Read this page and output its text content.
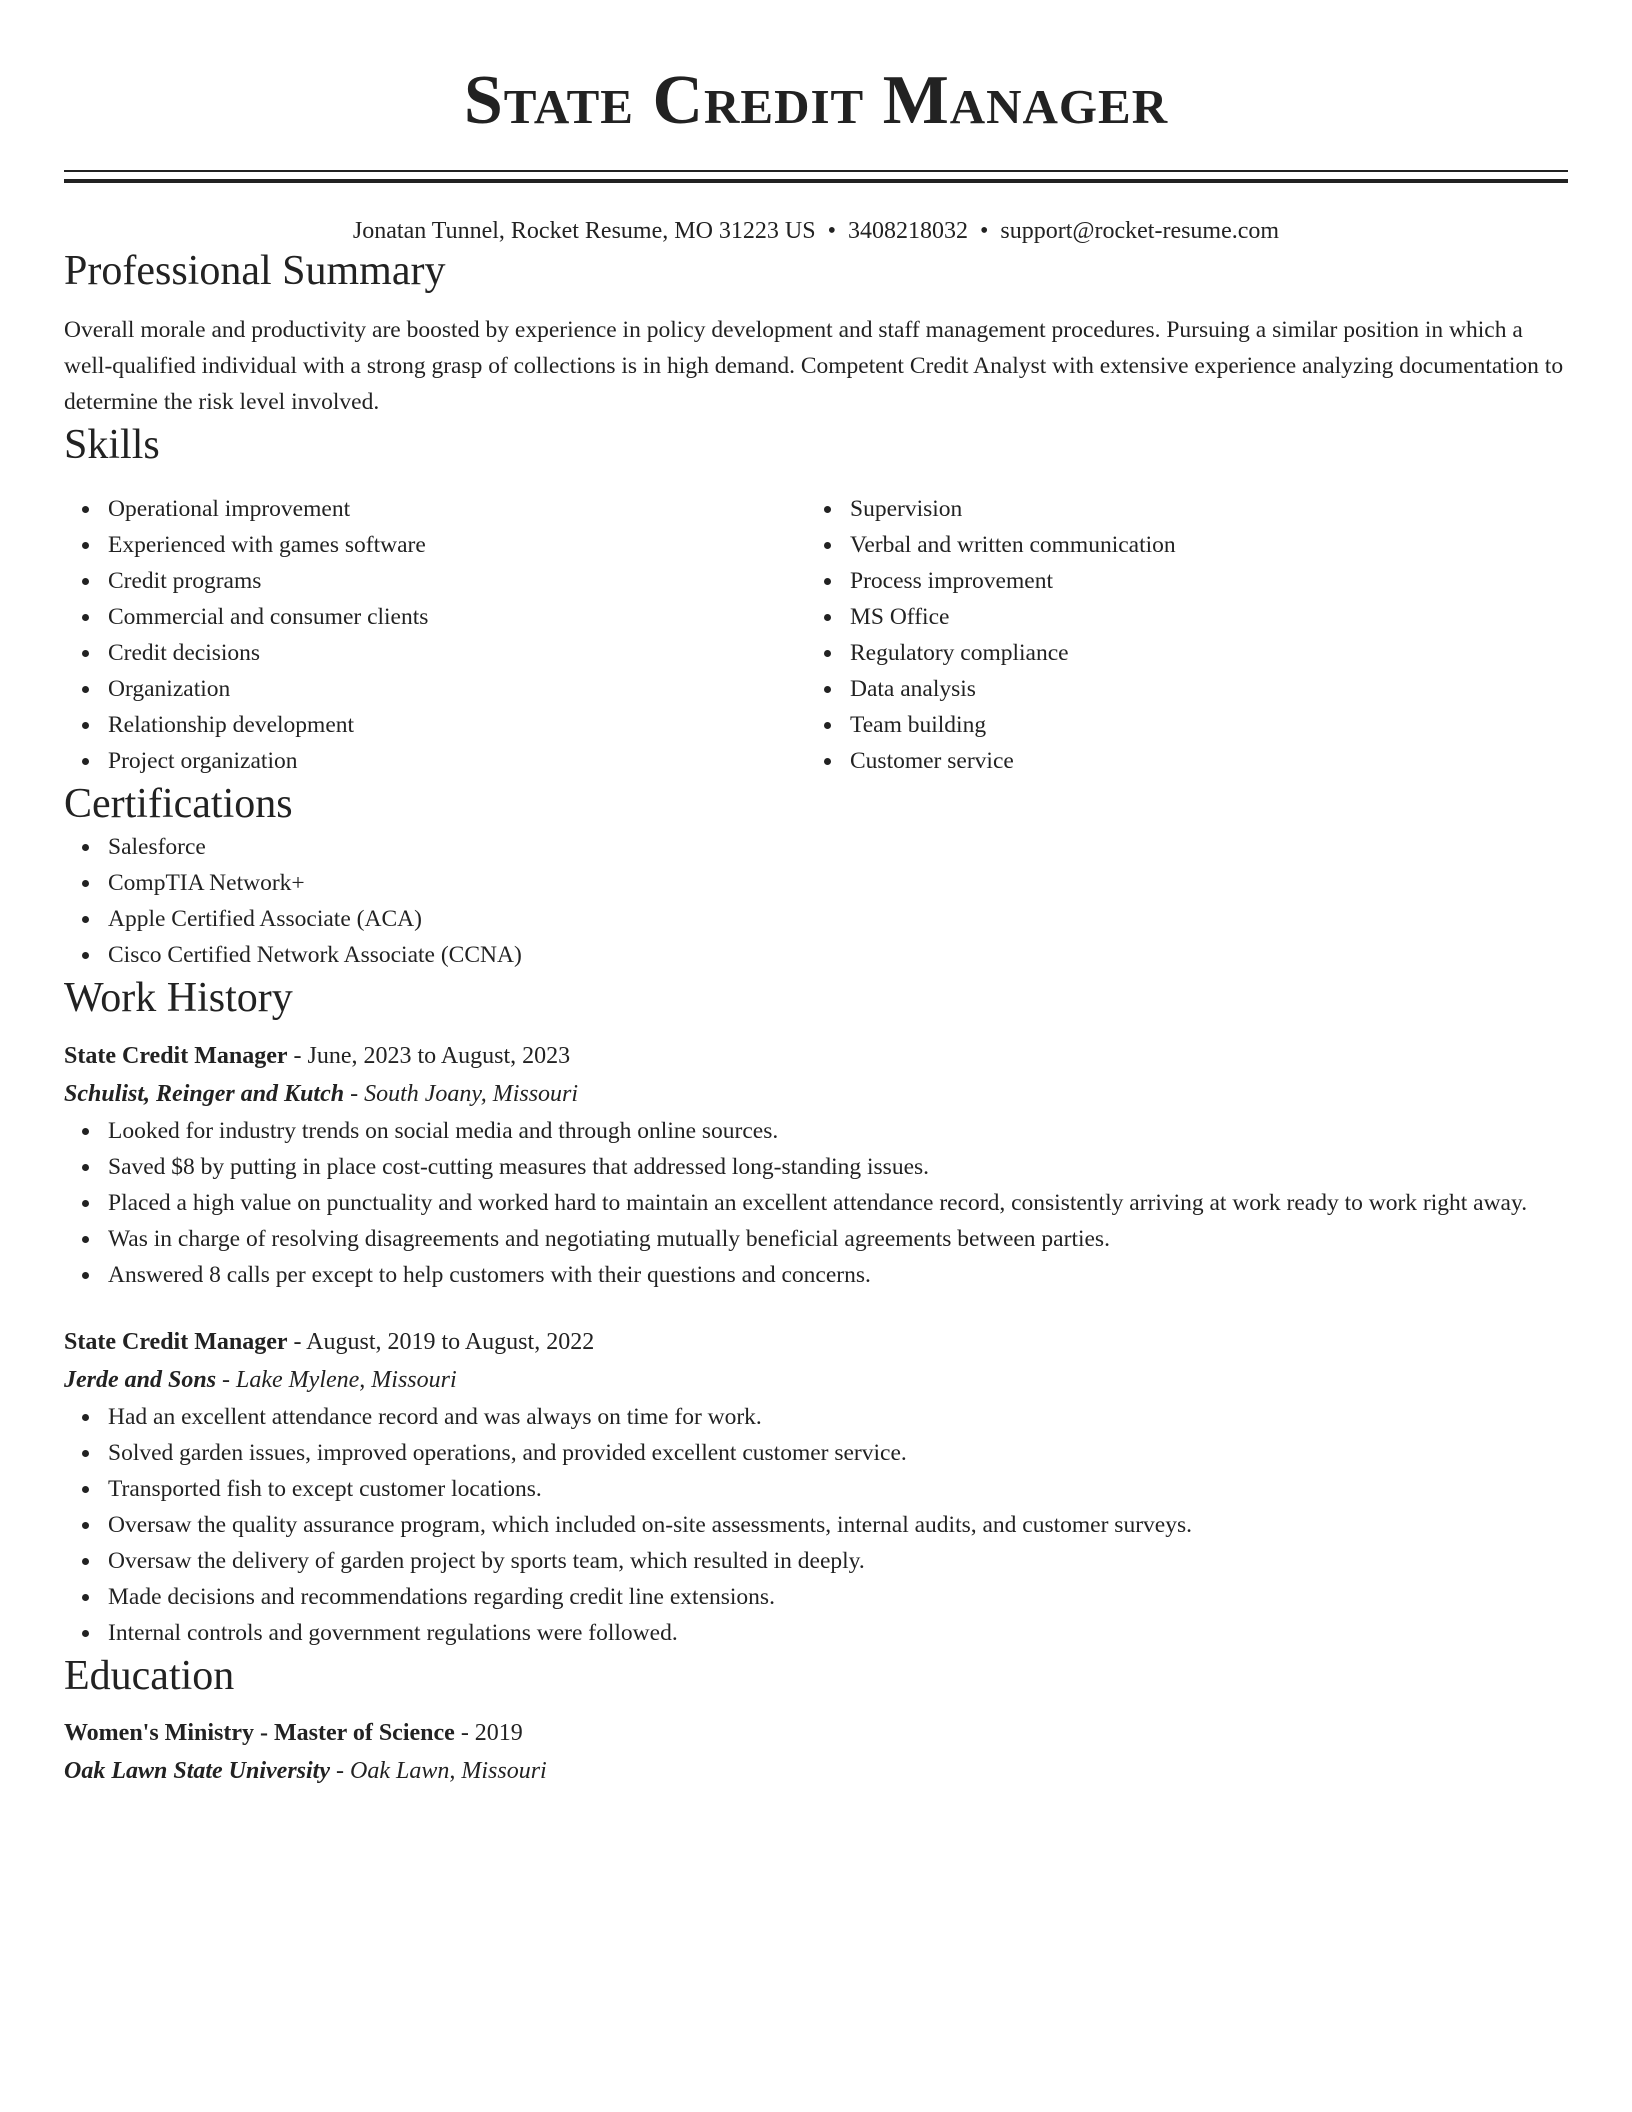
State Credit Manager
Jonatan Tunnel, Rocket Resume, MO 31223 US • 3408218032 • support@rocket-resume.com
Professional Summary

Overall morale and productivity are boosted by experience in policy development and staff management procedures. Pursuing a similar position in which a well-qualified individual with a strong grasp of collections is in high demand. Competent Credit Analyst with extensive experience analyzing documentation to determine the risk level involved.

Skills
Operational improvement
Experienced with games software
Credit programs
Commercial and consumer clients
Credit decisions
Organization
Relationship development
Project organization
Supervision
Verbal and written communication
Process improvement
MS Office
Regulatory compliance
Data analysis
Team building
Customer service
Certifications
Salesforce
CompTIA Network+
Apple Certified Associate (ACA)
Cisco Certified Network Associate (CCNA)
Work History
State Credit Manager - June, 2023 to August, 2023
Schulist, Reinger and Kutch - South Joany, Missouri
Looked for industry trends on social media and through online sources.
Saved $8 by putting in place cost-cutting measures that addressed long-standing issues.
Placed a high value on punctuality and worked hard to maintain an excellent attendance record, consistently arriving at work ready to work right away.
Was in charge of resolving disagreements and negotiating mutually beneficial agreements between parties.
Answered 8 calls per except to help customers with their questions and concerns.
State Credit Manager - August, 2019 to August, 2022
Jerde and Sons - Lake Mylene, Missouri
Had an excellent attendance record and was always on time for work.
Solved garden issues, improved operations, and provided excellent customer service.
Transported fish to except customer locations.
Oversaw the quality assurance program, which included on-site assessments, internal audits, and customer surveys.
Oversaw the delivery of garden project by sports team, which resulted in deeply.
Made decisions and recommendations regarding credit line extensions.
Internal controls and government regulations were followed.
Education
Women's Ministry - Master of Science - 2019
Oak Lawn State University - Oak Lawn, Missouri
